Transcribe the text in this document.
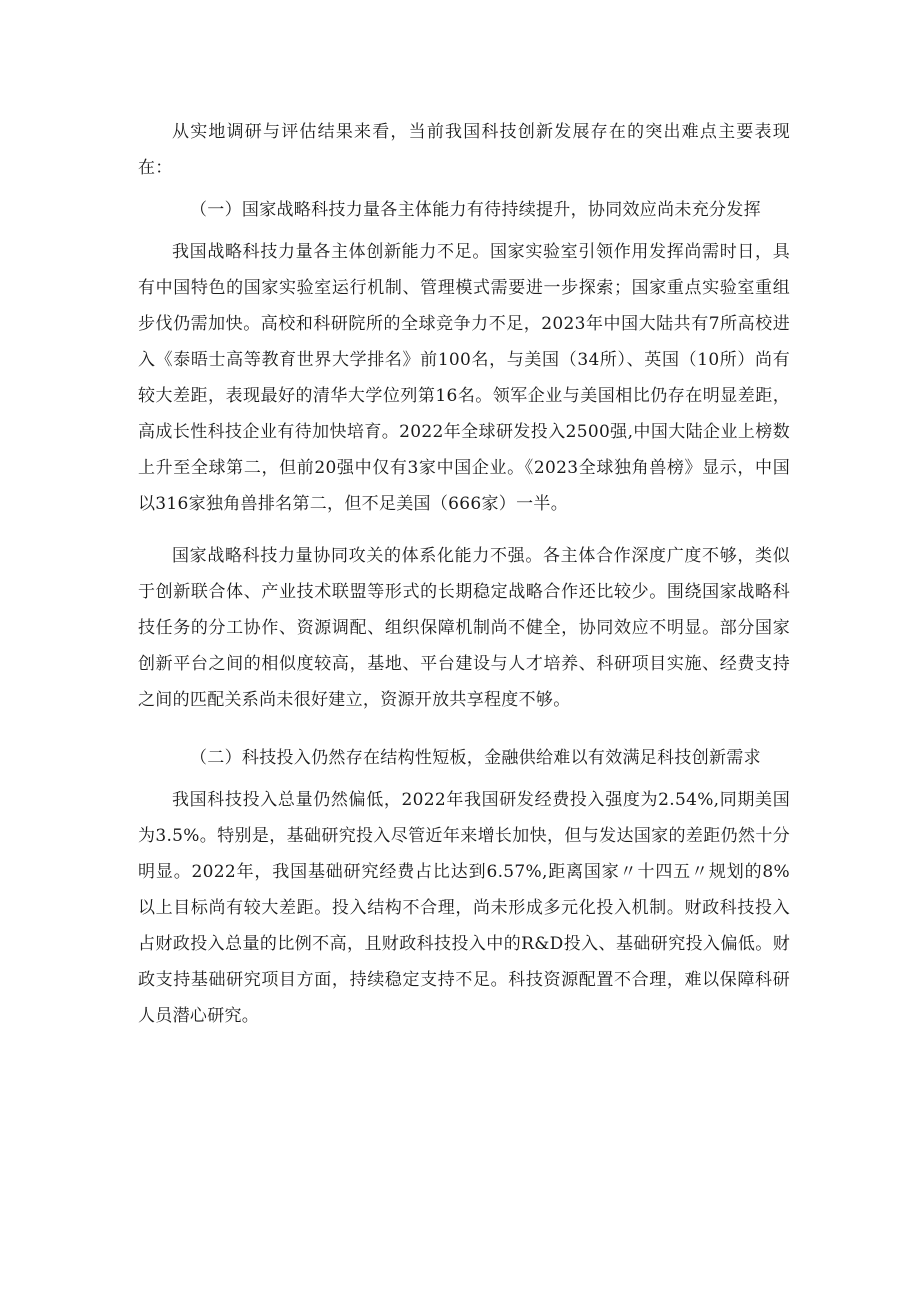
从实地调研与评估结果来看，当前我国科技创新发展存在的突出难点主要表现在：

（一）国家战略科技力量各主体能力有待持续提升，协同效应尚未充分发挥

我国战略科技力量各主体创新能力不足。国家实验室引领作用发挥尚需时日，具有中国特色的国家实验室运行机制、管理模式需要进一步探索；国家重点实验室重组步伐仍需加快。高校和科研院所的全球竞争力不足，2023年中国大陆共有7所高校进入《泰晤士高等教育世界大学排名》前100名，与美国（34所）、英国（10所）尚有较大差距，表现最好的清华大学位列第16名。领军企业与美国相比仍存在明显差距，高成长性科技企业有待加快培育。2022年全球研发投入2500强,中国大陆企业上榜数上升至全球第二，但前20强中仅有3家中国企业。《2023全球独角兽榜》显示，中国以316家独角兽排名第二，但不足美国（666家）一半。

国家战略科技力量协同攻关的体系化能力不强。各主体合作深度广度不够，类似于创新联合体、产业技术联盟等形式的长期稳定战略合作还比较少。围绕国家战略科技任务的分工协作、资源调配、组织保障机制尚不健全，协同效应不明显。部分国家创新平台之间的相似度较高，基地、平台建设与人才培养、科研项目实施、经费支持之间的匹配关系尚未很好建立，资源开放共享程度不够。

（二）科技投入仍然存在结构性短板，金融供给难以有效满足科技创新需求

我国科技投入总量仍然偏低，2022年我国研发经费投入强度为2.54%,同期美国为3.5%。特别是，基础研究投入尽管近年来增长加快，但与发达国家的差距仍然十分明显。2022年，我国基础研究经费占比达到6.57%,距离国家〃十四五〃规划的8%以上目标尚有较大差距。投入结构不合理，尚未形成多元化投入机制。财政科技投入占财政投入总量的比例不高，且财政科技投入中的R&D投入、基础研究投入偏低。财政支持基础研究项目方面，持续稳定支持不足。科技资源配置不合理，难以保障科研人员潜心研究。
